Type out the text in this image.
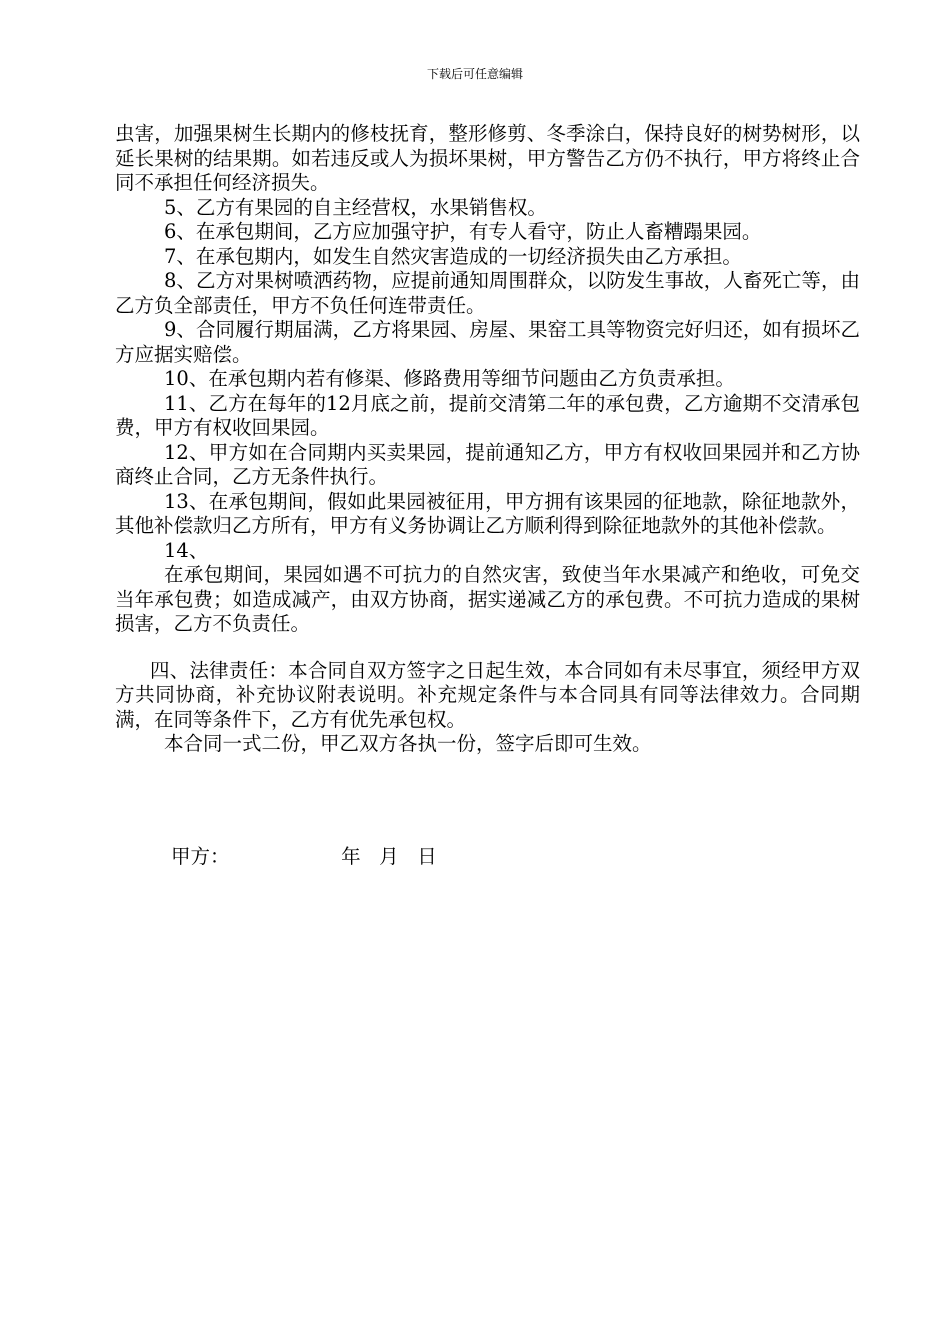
下载后可任意编辑

虫害，加强果树生长期内的修枝抚育，整形修剪、冬季涂白，保持良好的树势树形，以延长果树的结果期。如若违反或人为损坏果树，甲方警告乙方仍不执行，甲方将终止合同不承担任何经济损失。

5、乙方有果园的自主经营权，水果销售权。

6、在承包期间，乙方应加强守护，有专人看守，防止人畜糟蹋果园。

7、在承包期内，如发生自然灾害造成的一切经济损失由乙方承担。

8、乙方对果树喷洒药物，应提前通知周围群众，以防发生事故，人畜死亡等，由乙方负全部责任，甲方不负任何连带责任。

9、合同履行期届满，乙方将果园、房屋、果窑工具等物资完好归还，如有损坏乙方应据实赔偿。

10、在承包期内若有修渠、修路费用等细节问题由乙方负责承担。

11、乙方在每年的12月底之前，提前交清第二年的承包费，乙方逾期不交清承包费，甲方有权收回果园。

12、甲方如在合同期内买卖果园，提前通知乙方，甲方有权收回果园并和乙方协商终止合同，乙方无条件执行。

13、在承包期间，假如此果园被征用，甲方拥有该果园的征地款，除征地款外，其他补偿款归乙方所有，甲方有义务协调让乙方顺利得到除征地款外的其他补偿款。

14、

在承包期间，果园如遇不可抗力的自然灾害，致使当年水果减产和绝收，可免交当年承包费；如造成减产，由双方协商，据实递减乙方的承包费。不可抗力造成的果树损害，乙方不负责任。

四、法律责任：本合同自双方签字之日起生效，本合同如有未尽事宜，须经甲方双方共同协商，补充协议附表说明。补充规定条件与本合同具有同等法律效力。合同期满，在同等条件下，乙方有优先承包权。

本合同一式二份，甲乙双方各执一份，签字后即可生效。

甲方：                  年   月   日
